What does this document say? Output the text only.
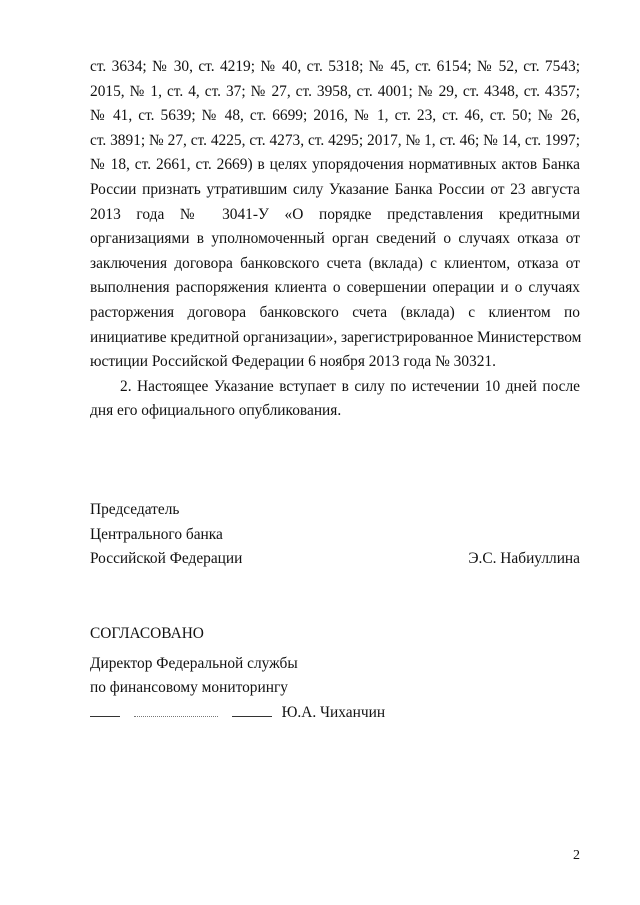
ст. 3634; № 30, ст. 4219; № 40, ст. 5318; № 45, ст. 6154; № 52, ст. 7543;
2015, № 1, ст. 4, ст. 37; № 27, ст. 3958, ст. 4001; № 29, ст. 4348, ст. 4357;
№ 41, ст. 5639; № 48, ст. 6699; 2016, № 1, ст. 23, ст. 46, ст. 50; № 26,
ст. 3891; № 27, ст. 4225, ст. 4273, ст. 4295; 2017, № 1, ст. 46; № 14, ст. 1997;
№ 18, ст. 2661, ст. 2669) в целях упорядочения нормативных актов Банка
России признать утратившим силу Указание Банка России от 23 августа
2013 года № 3041-У «О порядке представления кредитными
организациями в уполномоченный орган сведений о случаях отказа от
заключения договора банковского счета (вклада) с клиентом, отказа от
выполнения распоряжения клиента о совершении операции и о случаях
расторжения договора банковского счета (вклада) с клиентом по
инициативе кредитной организации», зарегистрированное Министерством
юстиции Российской Федерации 6 ноября 2013 года № 30321.
2. Настоящее Указание вступает в силу по истечении 10 дней после
дня его официального опубликования.
Председатель
Центрального банка
Российской Федерации	Э.С. Набиуллина
СОГЛАСОВАНО
Директор Федеральной службы
по финансовому мониторингу
Ю.А. Чиханчин
2
